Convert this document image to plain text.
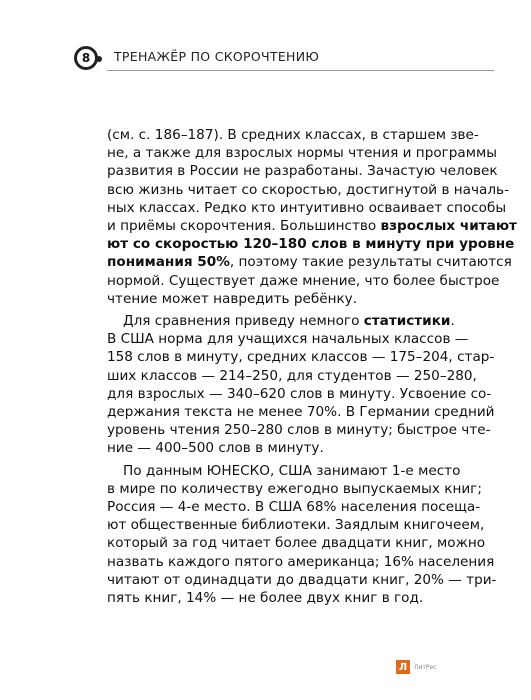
8 ТРЕНАЖЁР ПО СКОРОЧТЕНИЮ
(см. с. 186–187). В средних классах, в старшем зве-
не, а также для взрослых нормы чтения и программы
развития в России не разработаны. Зачастую человек
всю жизнь читает со скоростью, достигнутой в началь-
ных классах. Редко кто интуитивно осваивает способы
и приёмы скорочтения. Большинство взрослых читают
ют со скоростью 120–180 слов в минуту при уровне
понимания 50%, поэтому такие результаты считаются
нормой. Существует даже мнение, что более быстрое
чтение может навредить ребёнку.
Для сравнения приведу немного статистики.
В США норма для учащихся начальных классов —
158 слов в минуту, средних классов — 175–204, стар-
ших классов — 214–250, для студентов — 250–280,
для взрослых — 340–620 слов в минуту. Усвоение со-
держания текста не менее 70%. В Германии средний
уровень чтения 250–280 слов в минуту; быстрое чте-
ние — 400–500 слов в минуту.
По данным ЮНЕСКО, США занимают 1-е место
в мире по количеству ежегодно выпускаемых книг;
Россия — 4-е место. В США 68% населения посеща-
ют общественные библиотеки. Заядлым книгочеем,
который за год читает более двадцати книг, можно
назвать каждого пятого американца; 16% населения
читают от одинадцати до двадцати книг, 20% — три-
пять книг, 14% — не более двух книг в год.
Л ЛитРес
